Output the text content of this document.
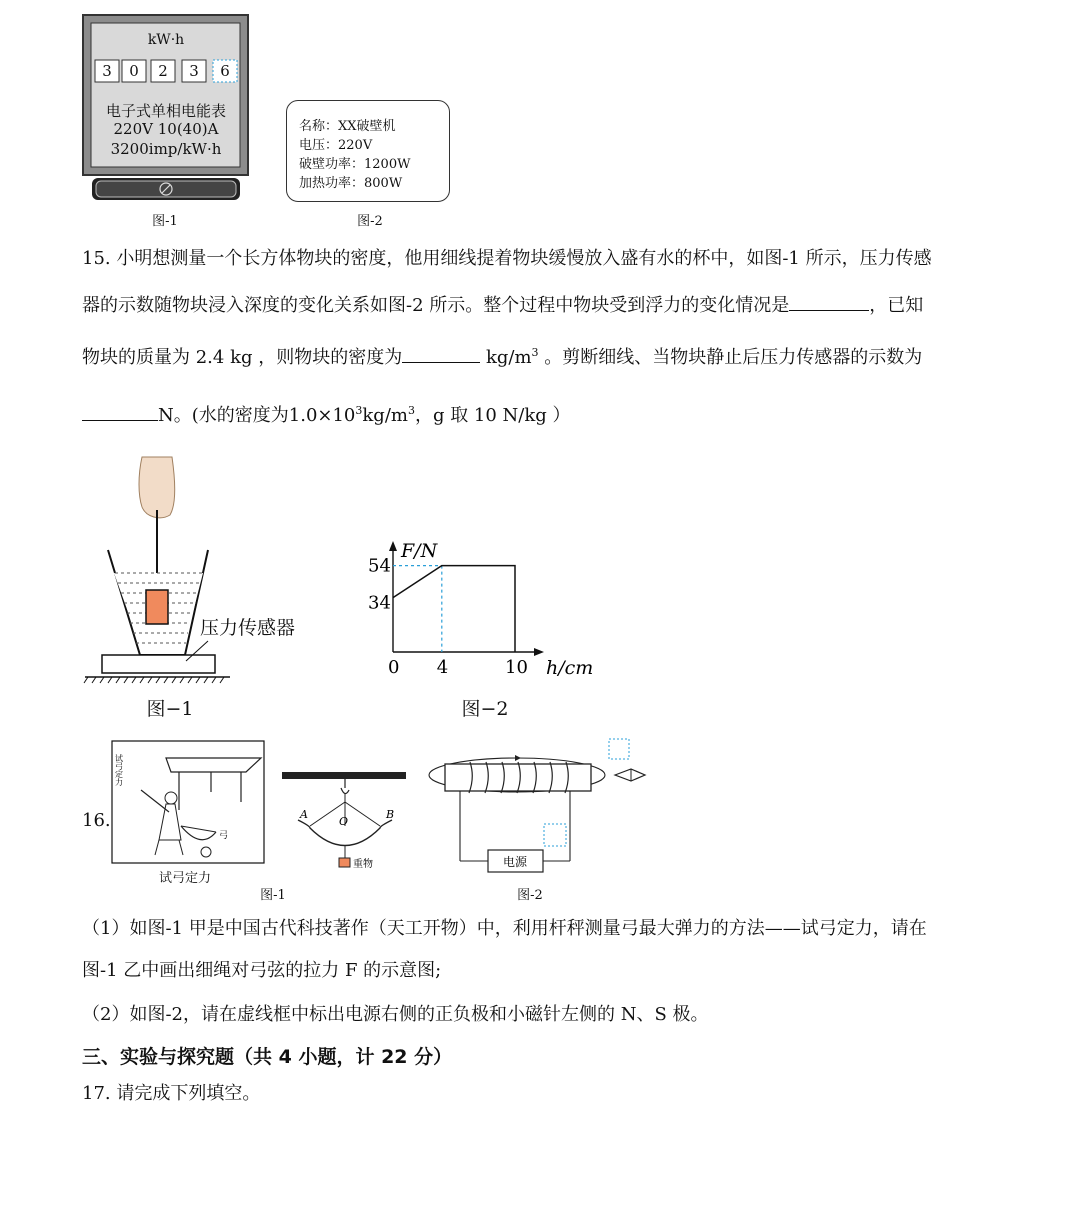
kW·h
3	0	2	3	6
电子式单相电能表
220V 10(40)A
3200imp/kW·h
图-1
名称：XX破壁机
电压：220V
破壁功率：1200W
加热功率：800W
图-2
15. 小明想测量一个长方体物块的密度，他用细线提着物块缓慢放入盛有水的杯中，如图-1 所示，压力传感
器的示数随物块浸入深度的变化关系如图-2 所示。整个过程中物块受到浮力的变化情况是	，已知
物块的质量为 2.4 kg ，则物块的密度为	$kg/m^3$ 。剪断细线、当物块静止后压力传感器的示数为
N。(水的密度为$1.0\times 10^3kg/m^3$，g 取 10 N/kg ）
压力传感器
图−1
54
34
0 4	10
F/N
h/cm
图−2
16.
试弓定力
弓
试弓定力
A
O
B
重物
图-1
电源
图-2
（1）如图-1 甲是中国古代科技著作（天工开物）中，利用杆秤测量弓最大弹力的方法——试弓定力，请在
图-1 乙中画出细绳对弓弦的拉力 F 的示意图;
（2）如图-2，请在虚线框中标出电源右侧的正负极和小磁针左侧的 N、S 极。
三、实验与探究题（共 4 小题，计 22 分）
17. 请完成下列填空。
